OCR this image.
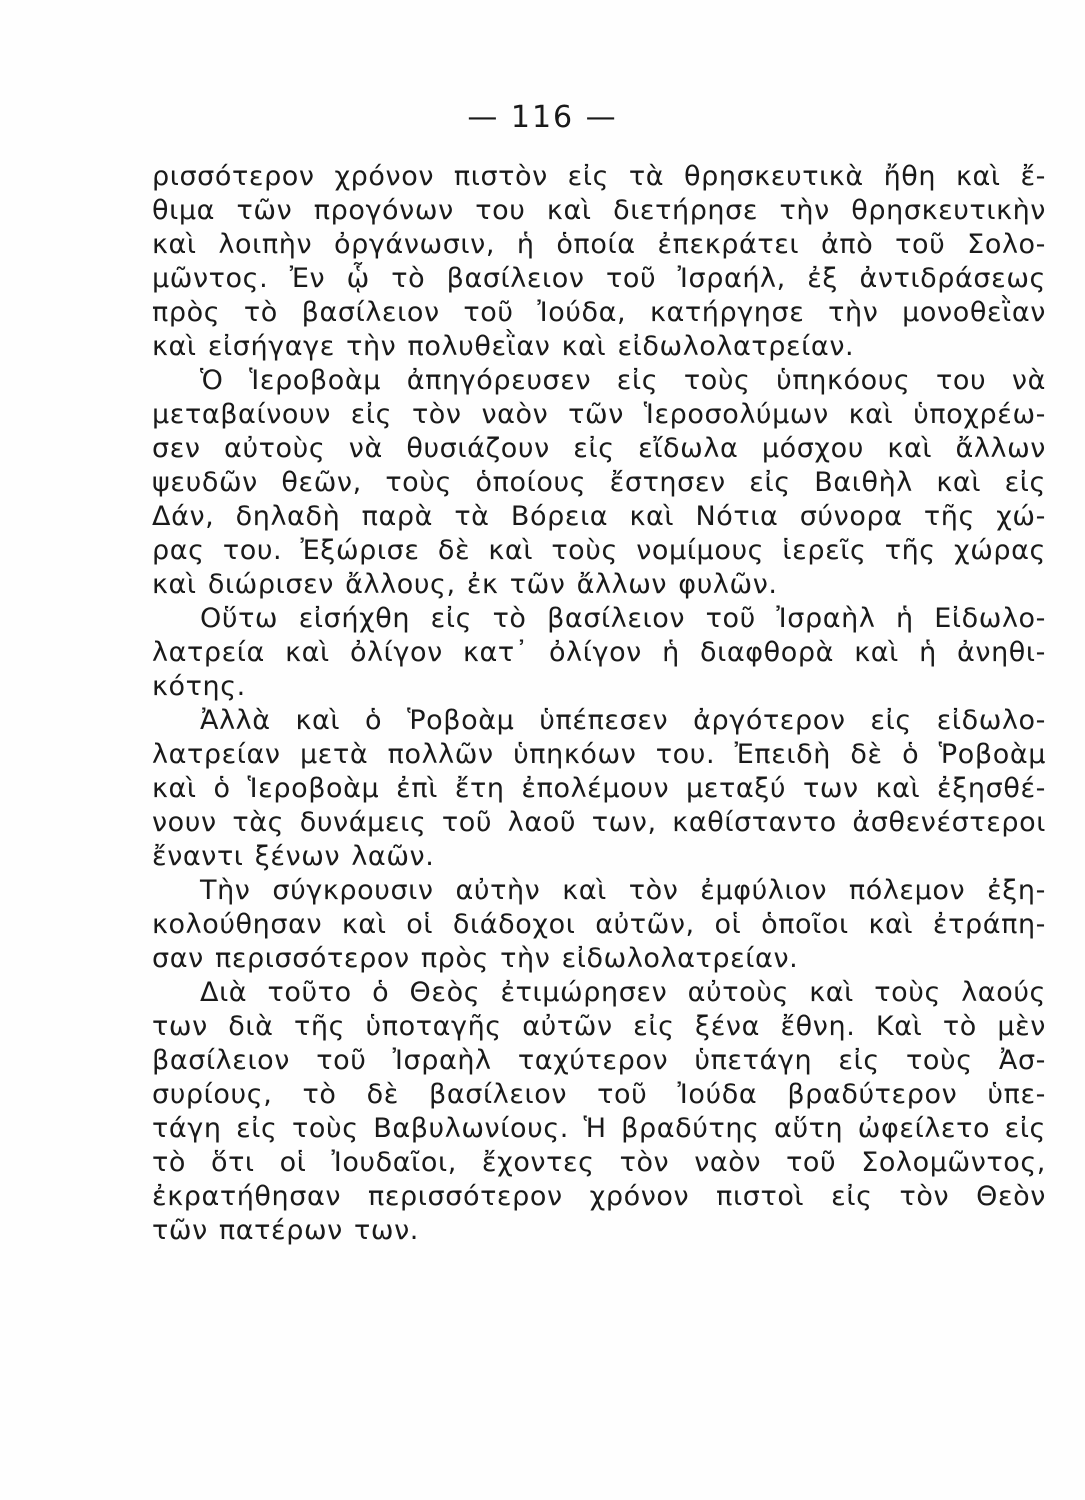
— 116 —
ρισσότερον χρόνον πιστὸν εἰς τὰ θρησκευτικὰ ἤθη καὶ ἔ-
θιμα τῶν προγόνων του καὶ διετήρησε τὴν θρησκευτικὴν
καὶ λοιπὴν ὀργάνωσιν, ἡ ὁποία ἐπεκράτει ἀπὸ τοῦ Σολο-
μῶντος. Ἐν ᾧ τὸ βασίλειον τοῦ Ἰσραήλ, ἐξ ἀντιδράσεως
πρὸς τὸ βασίλειον τοῦ Ἰούδα, κατήργησε τὴν μονοθεῒαν
καὶ εἰσήγαγε τὴν πολυθεῒαν καὶ εἰδωλολατρείαν.
Ὁ Ἱεροβοὰμ ἀπηγόρευσεν εἰς τοὺς ὑπηκόους του νὰ
μεταβαίνουν εἰς τὸν ναὸν τῶν Ἱεροσολύμων καὶ ὑποχρέω-
σεν αὐτοὺς νὰ θυσιάζουν εἰς εἴδωλα μόσχου καὶ ἄλλων
ψευδῶν θεῶν, τοὺς ὁποίους ἔστησεν εἰς Βαιθὴλ καὶ εἰς
Δάν, δηλαδὴ παρὰ τὰ Βόρεια καὶ Νότια σύνορα τῆς χώ-
ρας του. Ἐξώρισε δὲ καὶ τοὺς νομίμους ἱερεῖς τῆς χώρας
καὶ διώρισεν ἄλλους, ἐκ τῶν ἄλλων φυλῶν.
Οὕτω εἰσήχθη εἰς τὸ βασίλειον τοῦ Ἰσραὴλ ἡ Εἰδωλο-
λατρεία καὶ ὀλίγον κατ᾽ ὀλίγον ἡ διαφθορὰ καὶ ἡ ἀνηθι-
κότης.
Ἀλλὰ καὶ ὁ Ῥοβοὰμ ὑπέπεσεν ἀργότερον εἰς εἰδωλο-
λατρείαν μετὰ πολλῶν ὑπηκόων του. Ἐπειδὴ δὲ ὁ Ῥοβοὰμ
καὶ ὁ Ἱεροβοὰμ ἐπὶ ἔτη ἐπολέμουν μεταξύ των καὶ ἐξησθέ-
νουν τὰς δυνάμεις τοῦ λαοῦ των, καθίσταντο ἀσθενέστεροι
ἔναντι ξένων λαῶν.
Τὴν σύγκρουσιν αὐτὴν καὶ τὸν ἐμφύλιον πόλεμον ἐξη-
κολούθησαν καὶ οἱ διάδοχοι αὐτῶν, οἱ ὁποῖοι καὶ ἐτράπη-
σαν περισσότερον πρὸς τὴν εἰδωλολατρείαν.
Διὰ τοῦτο ὁ Θεὸς ἐτιμώρησεν αὐτοὺς καὶ τοὺς λαούς
των διὰ τῆς ὑποταγῆς αὐτῶν εἰς ξένα ἔθνη. Καὶ τὸ μὲν
βασίλειον τοῦ Ἰσραὴλ ταχύτερον ὑπετάγη εἰς τοὺς Ἀσ-
συρίους, τὸ δὲ βασίλειον τοῦ Ἰούδα βραδύτερον ὑπε-
τάγη εἰς τοὺς Βαβυλωνίους. Ἡ βραδύτης αὕτη ὠφείλετο εἰς
τὸ ὅτι οἱ Ἰουδαῖοι, ἔχοντες τὸν ναὸν τοῦ Σολομῶντος,
ἐκρατήθησαν περισσότερον χρόνον πιστοὶ εἰς τὸν Θεὸν
τῶν πατέρων των.
